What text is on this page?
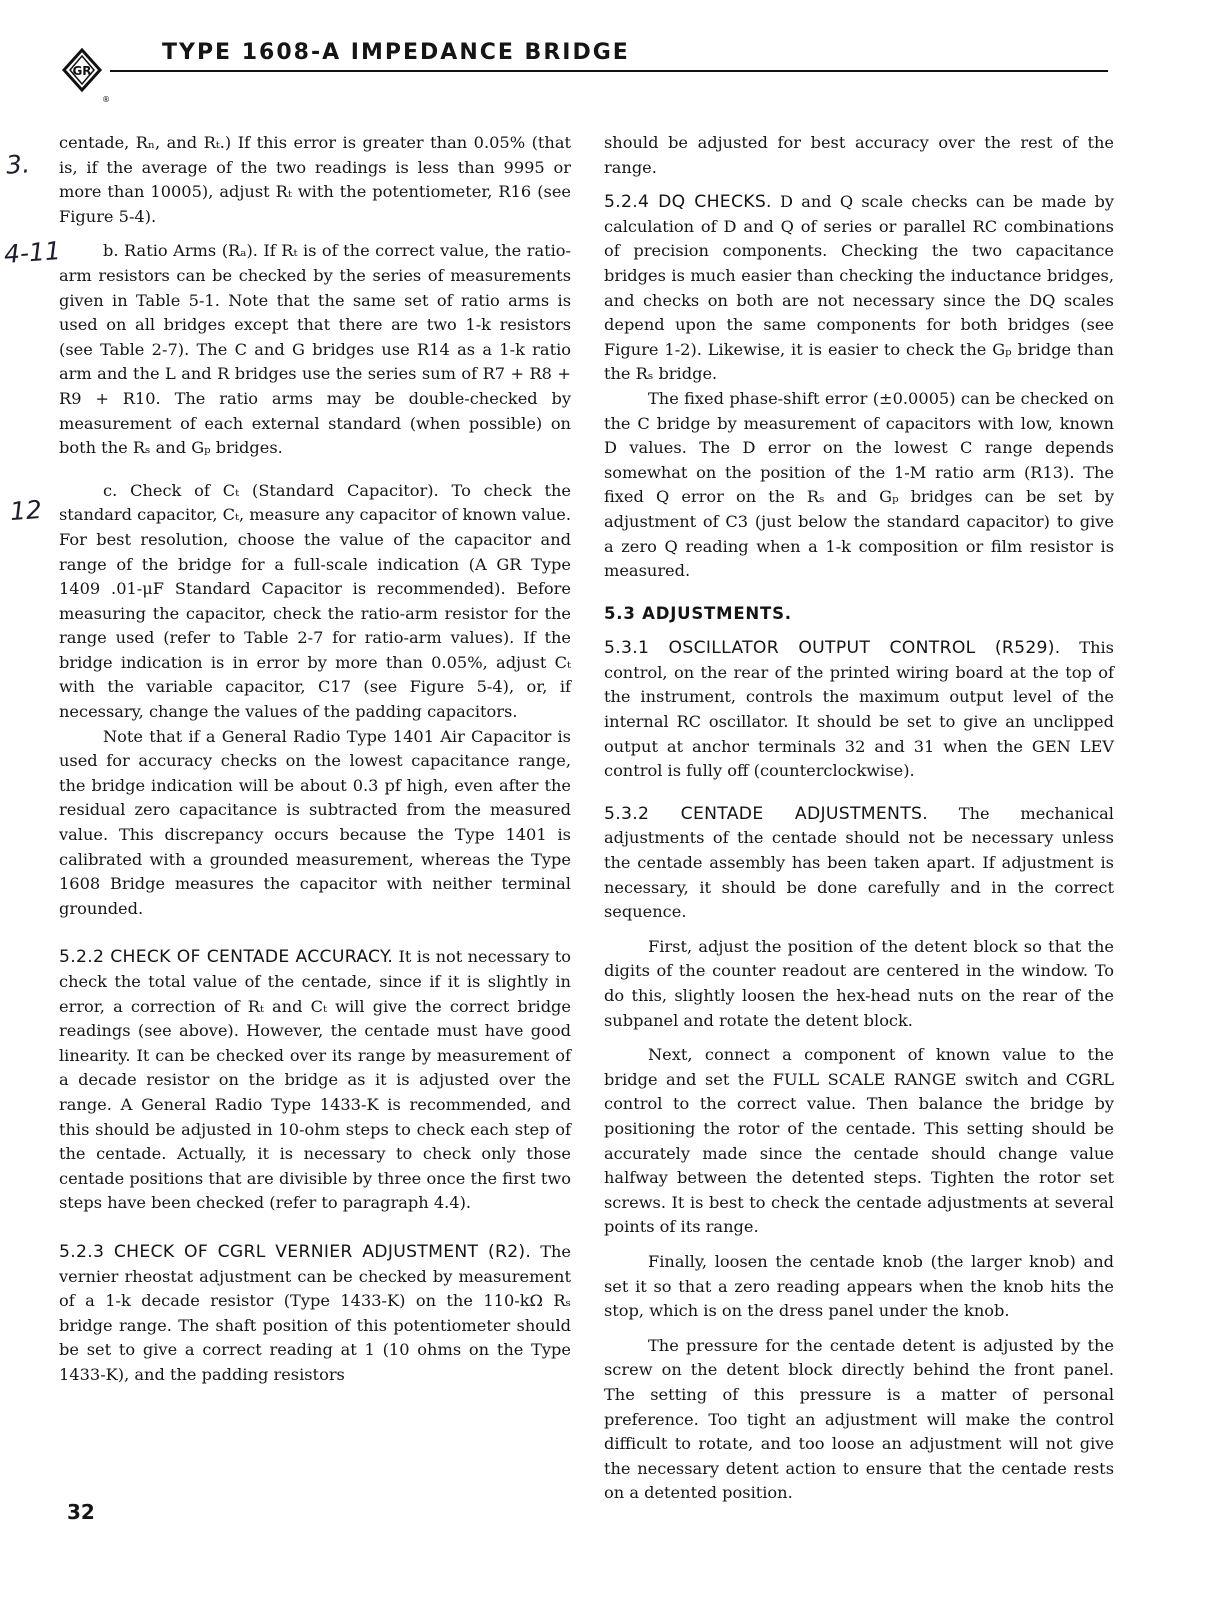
GR
®
TYPE 1608-A IMPEDANCE BRIDGE
3.
4-11
12

centade, Rₙ, and Rₜ.) If this error is greater than 0.05% (that is, if the average of the two readings is less than 9995 or more than 10005), adjust Rₜ with the potentiometer, R16 (see Figure 5-4).

b. Ratio Arms (Rₐ). If Rₜ is of the correct value, the ratio-arm resistors can be checked by the series of measurements given in Table 5-1. Note that the same set of ratio arms is used on all bridges except that there are two 1-k resistors (see Table 2-7). The C and G bridges use R14 as a 1-k ratio arm and the L and R bridges use the series sum of R7 + R8 + R9 + R10. The ratio arms may be double-checked by measurement of each external standard (when possible) on both the Rₛ and Gₚ bridges.

c. Check of Cₜ (Standard Capacitor). To check the standard capacitor, Cₜ, measure any capacitor of known value. For best resolution, choose the value of the capacitor and range of the bridge for a full-scale indication (A GR Type 1409 .01-μF Standard Capacitor is recommended). Before measuring the capacitor, check the ratio-arm resistor for the range used (refer to Table 2-7 for ratio-arm values). If the bridge indication is in error by more than 0.05%, adjust Cₜ with the variable capacitor, C17 (see Figure 5-4), or, if necessary, change the values of the padding capacitors.

Note that if a General Radio Type 1401 Air Capacitor is used for accuracy checks on the lowest capacitance range, the bridge indication will be about 0.3 pf high, even after the residual zero capacitance is subtracted from the measured value. This discrepancy occurs because the Type 1401 is calibrated with a grounded measurement, whereas the Type 1608 Bridge measures the capacitor with neither terminal grounded.

5.2.2 CHECK OF CENTADE ACCURACY. It is not necessary to check the total value of the centade, since if it is slightly in error, a correction of Rₜ and Cₜ will give the correct bridge readings (see above). However, the centade must have good linearity. It can be checked over its range by measurement of a decade resistor on the bridge as it is adjusted over the range. A General Radio Type 1433-K is recommended, and this should be adjusted in 10-ohm steps to check each step of the centade. Actually, it is necessary to check only those centade positions that are divisible by three once the first two steps have been checked (refer to paragraph 4.4).

5.2.3 CHECK OF CGRL VERNIER ADJUSTMENT (R2). The vernier rheostat adjustment can be checked by measurement of a 1-k decade resistor (Type 1433-K) on the 110-kΩ Rₛ bridge range. The shaft position of this potentiometer should be set to give a correct reading at 1 (10 ohms on the Type 1433-K), and the padding resistors

should be adjusted for best accuracy over the rest of the range.

5.2.4 DQ CHECKS. D and Q scale checks can be made by calculation of D and Q of series or parallel RC combinations of precision components. Checking the two capacitance bridges is much easier than checking the inductance bridges, and checks on both are not necessary since the DQ scales depend upon the same components for both bridges (see Figure 1-2). Likewise, it is easier to check the Gₚ bridge than the Rₛ bridge.

The fixed phase-shift error (±0.0005) can be checked on the C bridge by measurement of capacitors with low, known D values. The D error on the lowest C range depends somewhat on the position of the 1-M ratio arm (R13). The fixed Q error on the Rₛ and Gₚ bridges can be set by adjustment of C3 (just below the standard capacitor) to give a zero Q reading when a 1-k composition or film resistor is measured.

5.3 ADJUSTMENTS.

5.3.1 OSCILLATOR OUTPUT CONTROL (R529). This control, on the rear of the printed wiring board at the top of the instrument, controls the maximum output level of the internal RC oscillator. It should be set to give an unclipped output at anchor terminals 32 and 31 when the GEN LEV control is fully off (counterclockwise).

5.3.2 CENTADE ADJUSTMENTS. The mechanical adjustments of the centade should not be necessary unless the centade assembly has been taken apart. If adjustment is necessary, it should be done carefully and in the correct sequence.

First, adjust the position of the detent block so that the digits of the counter readout are centered in the window. To do this, slightly loosen the hex-head nuts on the rear of the subpanel and rotate the detent block.

Next, connect a component of known value to the bridge and set the FULL SCALE RANGE switch and CGRL control to the correct value. Then balance the bridge by positioning the rotor of the centade. This setting should be accurately made since the centade should change value halfway between the detented steps. Tighten the rotor set screws. It is best to check the centade adjustments at several points of its range.

Finally, loosen the centade knob (the larger knob) and set it so that a zero reading appears when the knob hits the stop, which is on the dress panel under the knob.

The pressure for the centade detent is adjusted by the screw on the detent block directly behind the front panel. The setting of this pressure is a matter of personal preference. Too tight an adjustment will make the control difficult to rotate, and too loose an adjustment will not give the necessary detent action to ensure that the centade rests on a detented position.

32
